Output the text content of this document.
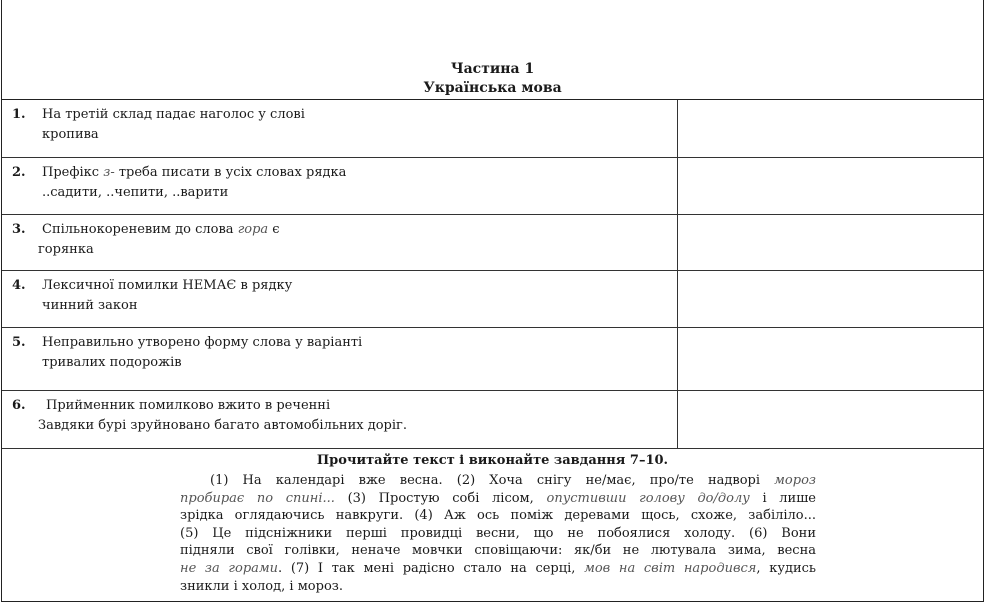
Частина 1
Українська мова
1. На третій склад падає наголос у слові
кропива
2. Префікс з- треба писати в усіх словах рядка
..садити, ..чепити, ..варити
3. Спільнокореневим до слова гора є
горянка
4. Лексичної помилки НЕМАЄ в рядку
чинний закон
5. Неправильно утворено форму слова у варіанті
тривалих подорожів
6. Прийменник помилково вжито в реченні
Завдяки бурі зруйновано багато автомобільних доріг.
Прочитайте текст і виконайте завдання 7–10.
(1) На календарі вже весна. (2) Хоча снігу не/має, про/те надворі мороз
пробирає по спині... (3) Простую собі лісом, опустивши голову до/долу і лише
зрідка оглядаючись навкруги. (4) Аж ось поміж деревами щось, схоже, забіліло...
(5) Це підсніжники перші провидці весни, що не побоялися холоду. (6) Вони
підняли свої голівки, неначе мовчки сповіщаючи: як/би не лютувала зима, весна
не за горами. (7) І так мені радісно стало на серці, мов на світ народився, кудись
зникли і холод, і мороз.
